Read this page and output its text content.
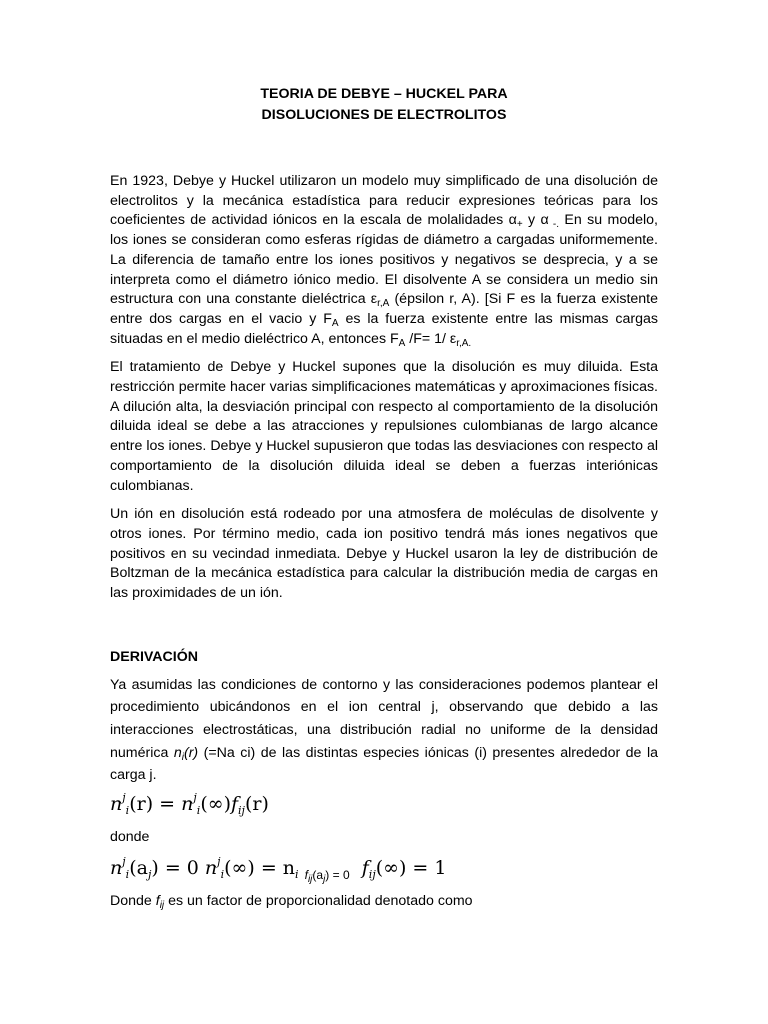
TEORIA DE DEBYE – HUCKEL PARA
DISOLUCIONES DE ELECTROLITOS

En 1923, Debye y Huckel utilizaron un modelo muy simplificado de una disolución de electrolitos y la mecánica estadística para reducir expresiones teóricas para los coeficientes de actividad iónicos en la escala de molalidades $\alpha_+$ y α $_{-.}$ En su modelo, los iones se consideran como esferas rígidas de diámetro a cargadas uniformemente. La diferencia de tamaño entre los iones positivos y negativos se desprecia, y a se interpreta como el diámetro iónico medio. El disolvente A se considera un medio sin estructura con una constante dieléctrica $\varepsilon_{r,A}$ (épsilon r, A). [Si F es la fuerza existente entre dos cargas en el vacio y $F_A$ es la fuerza existente entre las mismas cargas situadas en el medio dieléctrico A, entonces $F_A$ /F= 1/ $\varepsilon_{r,A.}$

El tratamiento de Debye y Huckel supones que la disolución es muy diluida. Esta restricción permite hacer varias simplificaciones matemáticas y aproximaciones físicas. A dilución alta, la desviación principal con respecto al comportamiento de la disolución diluida ideal se debe a las atracciones y repulsiones culombianas de largo alcance entre los iones. Debye y Huckel supusieron que todas las desviaciones con respecto al comportamiento de la disolución diluida ideal se deben a fuerzas interiónicas culombianas.

Un ión en disolución está rodeado por una atmosfera de moléculas de disolvente y otros iones. Por término medio, cada ion positivo tendrá más iones negativos que positivos en su vecindad inmediata. Debye y Huckel usaron la ley de distribución de Boltzman de la mecánica estadística para calcular la distribución media de cargas en las proximidades de un ión.

DERIVACIÓN

Ya asumidas las condiciones de contorno y las consideraciones podemos plantear el procedimiento ubicándonos en el ion central j, observando que debido a las interacciones electrostáticas, una distribución radial no uniforme de la densidad numérica $n_i(r)$ (=Na ci) de las distintas especies iónicas (i) presentes alrededor de la carga j.

$n^j_i(r) = n^j_i(\infty)f_{ij}(r)$
donde
$n^j_i(a_j) = 0$ $n^j_i(\infty) = n_i$ $_{f_{ij}(a_j) = 0}$ $f_{ij}(\infty) = 1$

Donde $f_{ij}$ es un factor de proporcionalidad denotado como
